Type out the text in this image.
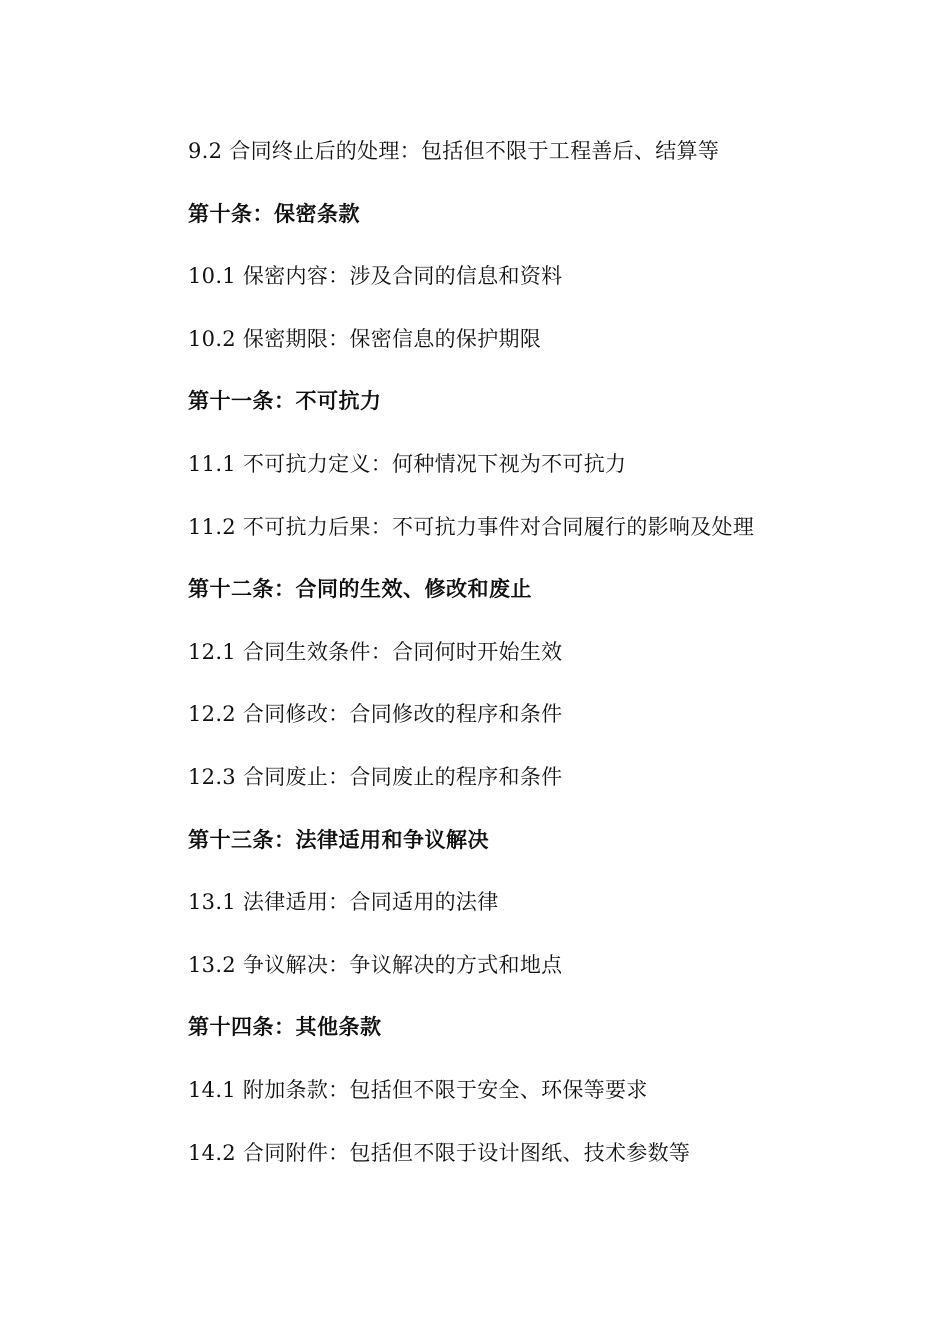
9.2 合同终止后的处理：包括但不限于工程善后、结算等
第十条：保密条款
10.1 保密内容：涉及合同的信息和资料
10.2 保密期限：保密信息的保护期限
第十一条：不可抗力
11.1 不可抗力定义：何种情况下视为不可抗力
11.2 不可抗力后果：不可抗力事件对合同履行的影响及处理
第十二条：合同的生效、修改和废止
12.1 合同生效条件：合同何时开始生效
12.2 合同修改：合同修改的程序和条件
12.3 合同废止：合同废止的程序和条件
第十三条：法律适用和争议解决
13.1 法律适用：合同适用的法律
13.2 争议解决：争议解决的方式和地点
第十四条：其他条款
14.1 附加条款：包括但不限于安全、环保等要求
14.2 合同附件：包括但不限于设计图纸、技术参数等
